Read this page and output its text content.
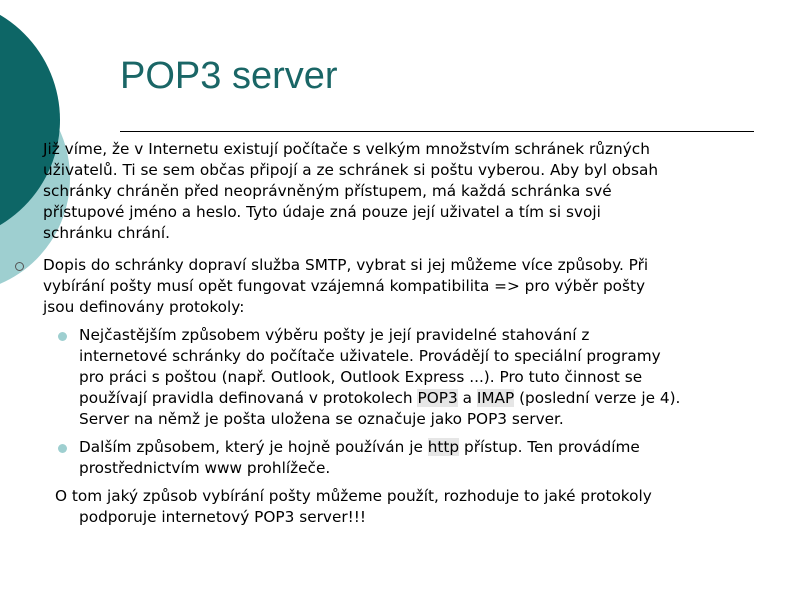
POP3 server
Již víme, že v Internetu existují počítače s velkým množstvím schránek různých
uživatelů. Ti se sem občas připojí a ze schránek si poštu vyberou. Aby byl obsah
schránky chráněn před neoprávněným přístupem, má každá schránka své
přístupové jméno a heslo. Tyto údaje zná pouze její uživatel a tím si svoji
schránku chrání.
Dopis do schránky dopraví služba SMTP, vybrat si jej můžeme více způsoby. Při
vybírání pošty musí opět fungovat vzájemná kompatibilita => pro výběr pošty
jsou definovány protokoly:
Nejčastějším způsobem výběru pošty je její pravidelné stahování z
internetové schránky do počítače uživatele. Provádějí to speciální programy
pro práci s poštou (např. Outlook, Outlook Express ...). Pro tuto činnost se
používají pravidla definovaná v protokolech POP3 a IMAP (poslední verze je 4).
Server na němž je pošta uložena se označuje jako POP3 server.
Dalším způsobem, který je hojně používán je http přístup. Ten provádíme
prostřednictvím www prohlížeče.
O tom jaký způsob vybírání pošty můžeme použít, rozhoduje to jaké protokoly
podporuje internetový POP3 server!!!
